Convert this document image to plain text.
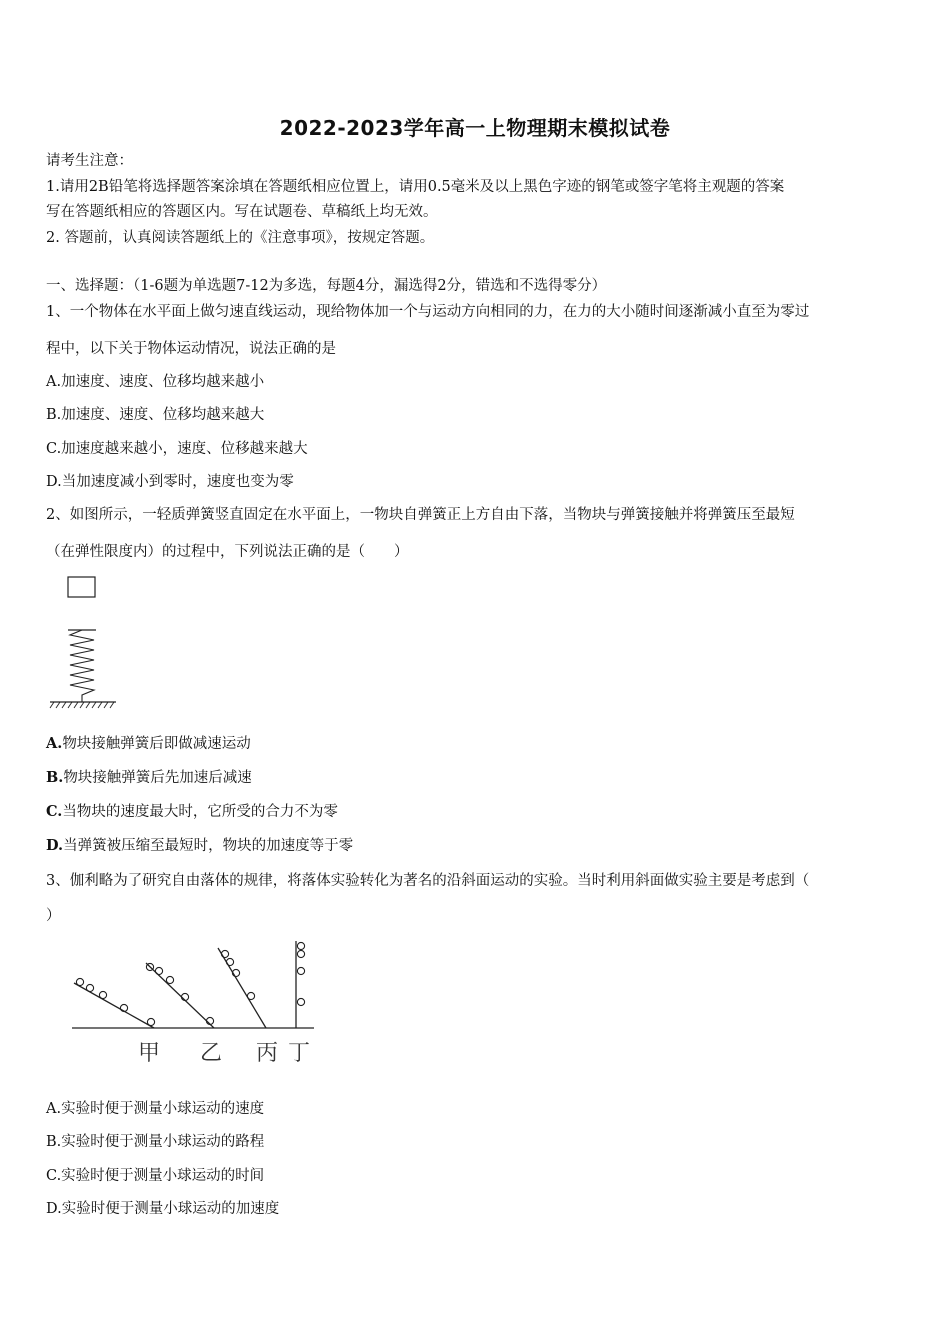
2022-2023学年高一上物理期末模拟试卷
请考生注意：
1.请用2B铅笔将选择题答案涂填在答题纸相应位置上，请用0.5毫米及以上黑色字迹的钢笔或签字笔将主观题的答案
写在答题纸相应的答题区内。写在试题卷、草稿纸上均无效。
2. 答题前，认真阅读答题纸上的《注意事项》，按规定答题。
一、选择题：（1-6题为单选题7-12为多选，每题4分，漏选得2分，错选和不选得零分）
1、一个物体在水平面上做匀速直线运动，现给物体加一个与运动方向相同的力，在力的大小随时间逐渐减小直至为零过
程中，以下关于物体运动情况，说法正确的是
A.加速度、速度、位移均越来越小
B.加速度、速度、位移均越来越大
C.加速度越来越小，速度、位移越来越大
D.当加速度减小到零时，速度也变为零
2、如图所示，一轻质弹簧竖直固定在水平面上，一物块自弹簧正上方自由下落，当物块与弹簧接触并将弹簧压至最短
（在弹性限度内）的过程中，下列说法正确的是（　　）
A.物块接触弹簧后即做减速运动
B.物块接触弹簧后先加速后减速
C.当物块的速度最大时，它所受的合力不为零
D.当弹簧被压缩至最短时，物块的加速度等于零
3、伽利略为了研究自由落体的规律，将落体实验转化为著名的沿斜面运动的实验。当时利用斜面做实验主要是考虑到（
）
甲 乙 丙 丁
A.实验时便于测量小球运动的速度
B.实验时便于测量小球运动的路程
C.实验时便于测量小球运动的时间
D.实验时便于测量小球运动的加速度
